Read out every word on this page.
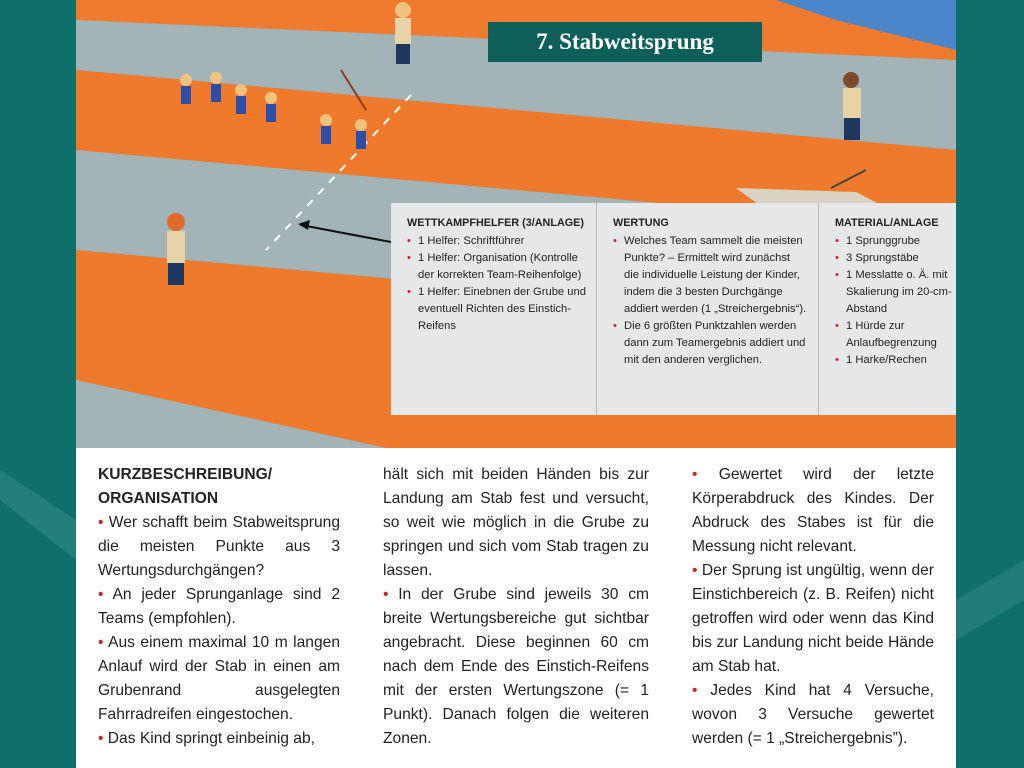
7. Stabweitsprung
WETTKAMPFHELFER (3/ANLAGE)
• 1 Helfer: Schriftführer
• 1 Helfer: Organisation (Kontrolle der korrekten Team-Reihenfolge)
• 1 Helfer: Einebnen der Grube und eventuell Richten des Einstich-Reifens
WERTUNG
• Welches Team sammelt die meisten Punkte? – Ermittelt wird zunächst die individuelle Leistung der Kinder, indem die 3 besten Durchgänge addiert werden (1 „Streichergebnis“).
• Die 6 größten Punktzahlen werden dann zum Teamergebnis addiert und mit den anderen verglichen.
MATERIAL/ANLAGE
• 1 Sprunggrube
• 3 Sprungstäbe
• 1 Messlatte o. Ä. mit Skalierung im 20-cm-Abstand
• 1 Hürde zur Anlaufbegrenzung
• 1 Harke/Rechen
KURZBESCHREIBUNG/ ORGANISATION

• Wer schafft beim Stabweitsprung die meisten Punkte aus 3 Wertungsdurchgängen?

• An jeder Sprunganlage sind 2 Teams (empfohlen).

• Aus einem maximal 10 m langen Anlauf wird der Stab in einen am Grubenrand ausgelegten Fahrradreifen eingestochen.

• Das Kind springt einbeinig ab,

hält sich mit beiden Händen bis zur Landung am Stab fest und versucht, so weit wie möglich in die Grube zu springen und sich vom Stab tragen zu lassen.

• In der Grube sind jeweils 30 cm breite Wertungsbereiche gut sichtbar angebracht. Diese beginnen 60 cm nach dem Ende des Einstich-Reifens mit der ersten Wertungszone (= 1 Punkt). Danach folgen die weiteren Zonen.

• Gewertet wird der letzte Körperabdruck des Kindes. Der Abdruck des Stabes ist für die Messung nicht relevant.

• Der Sprung ist ungültig, wenn der Einstichbereich (z. B. Reifen) nicht getroffen wird oder wenn das Kind bis zur Landung nicht beide Hände am Stab hat.

• Jedes Kind hat 4 Versuche, wovon 3 Versuche gewertet werden (= 1 „Streichergebnis”).
